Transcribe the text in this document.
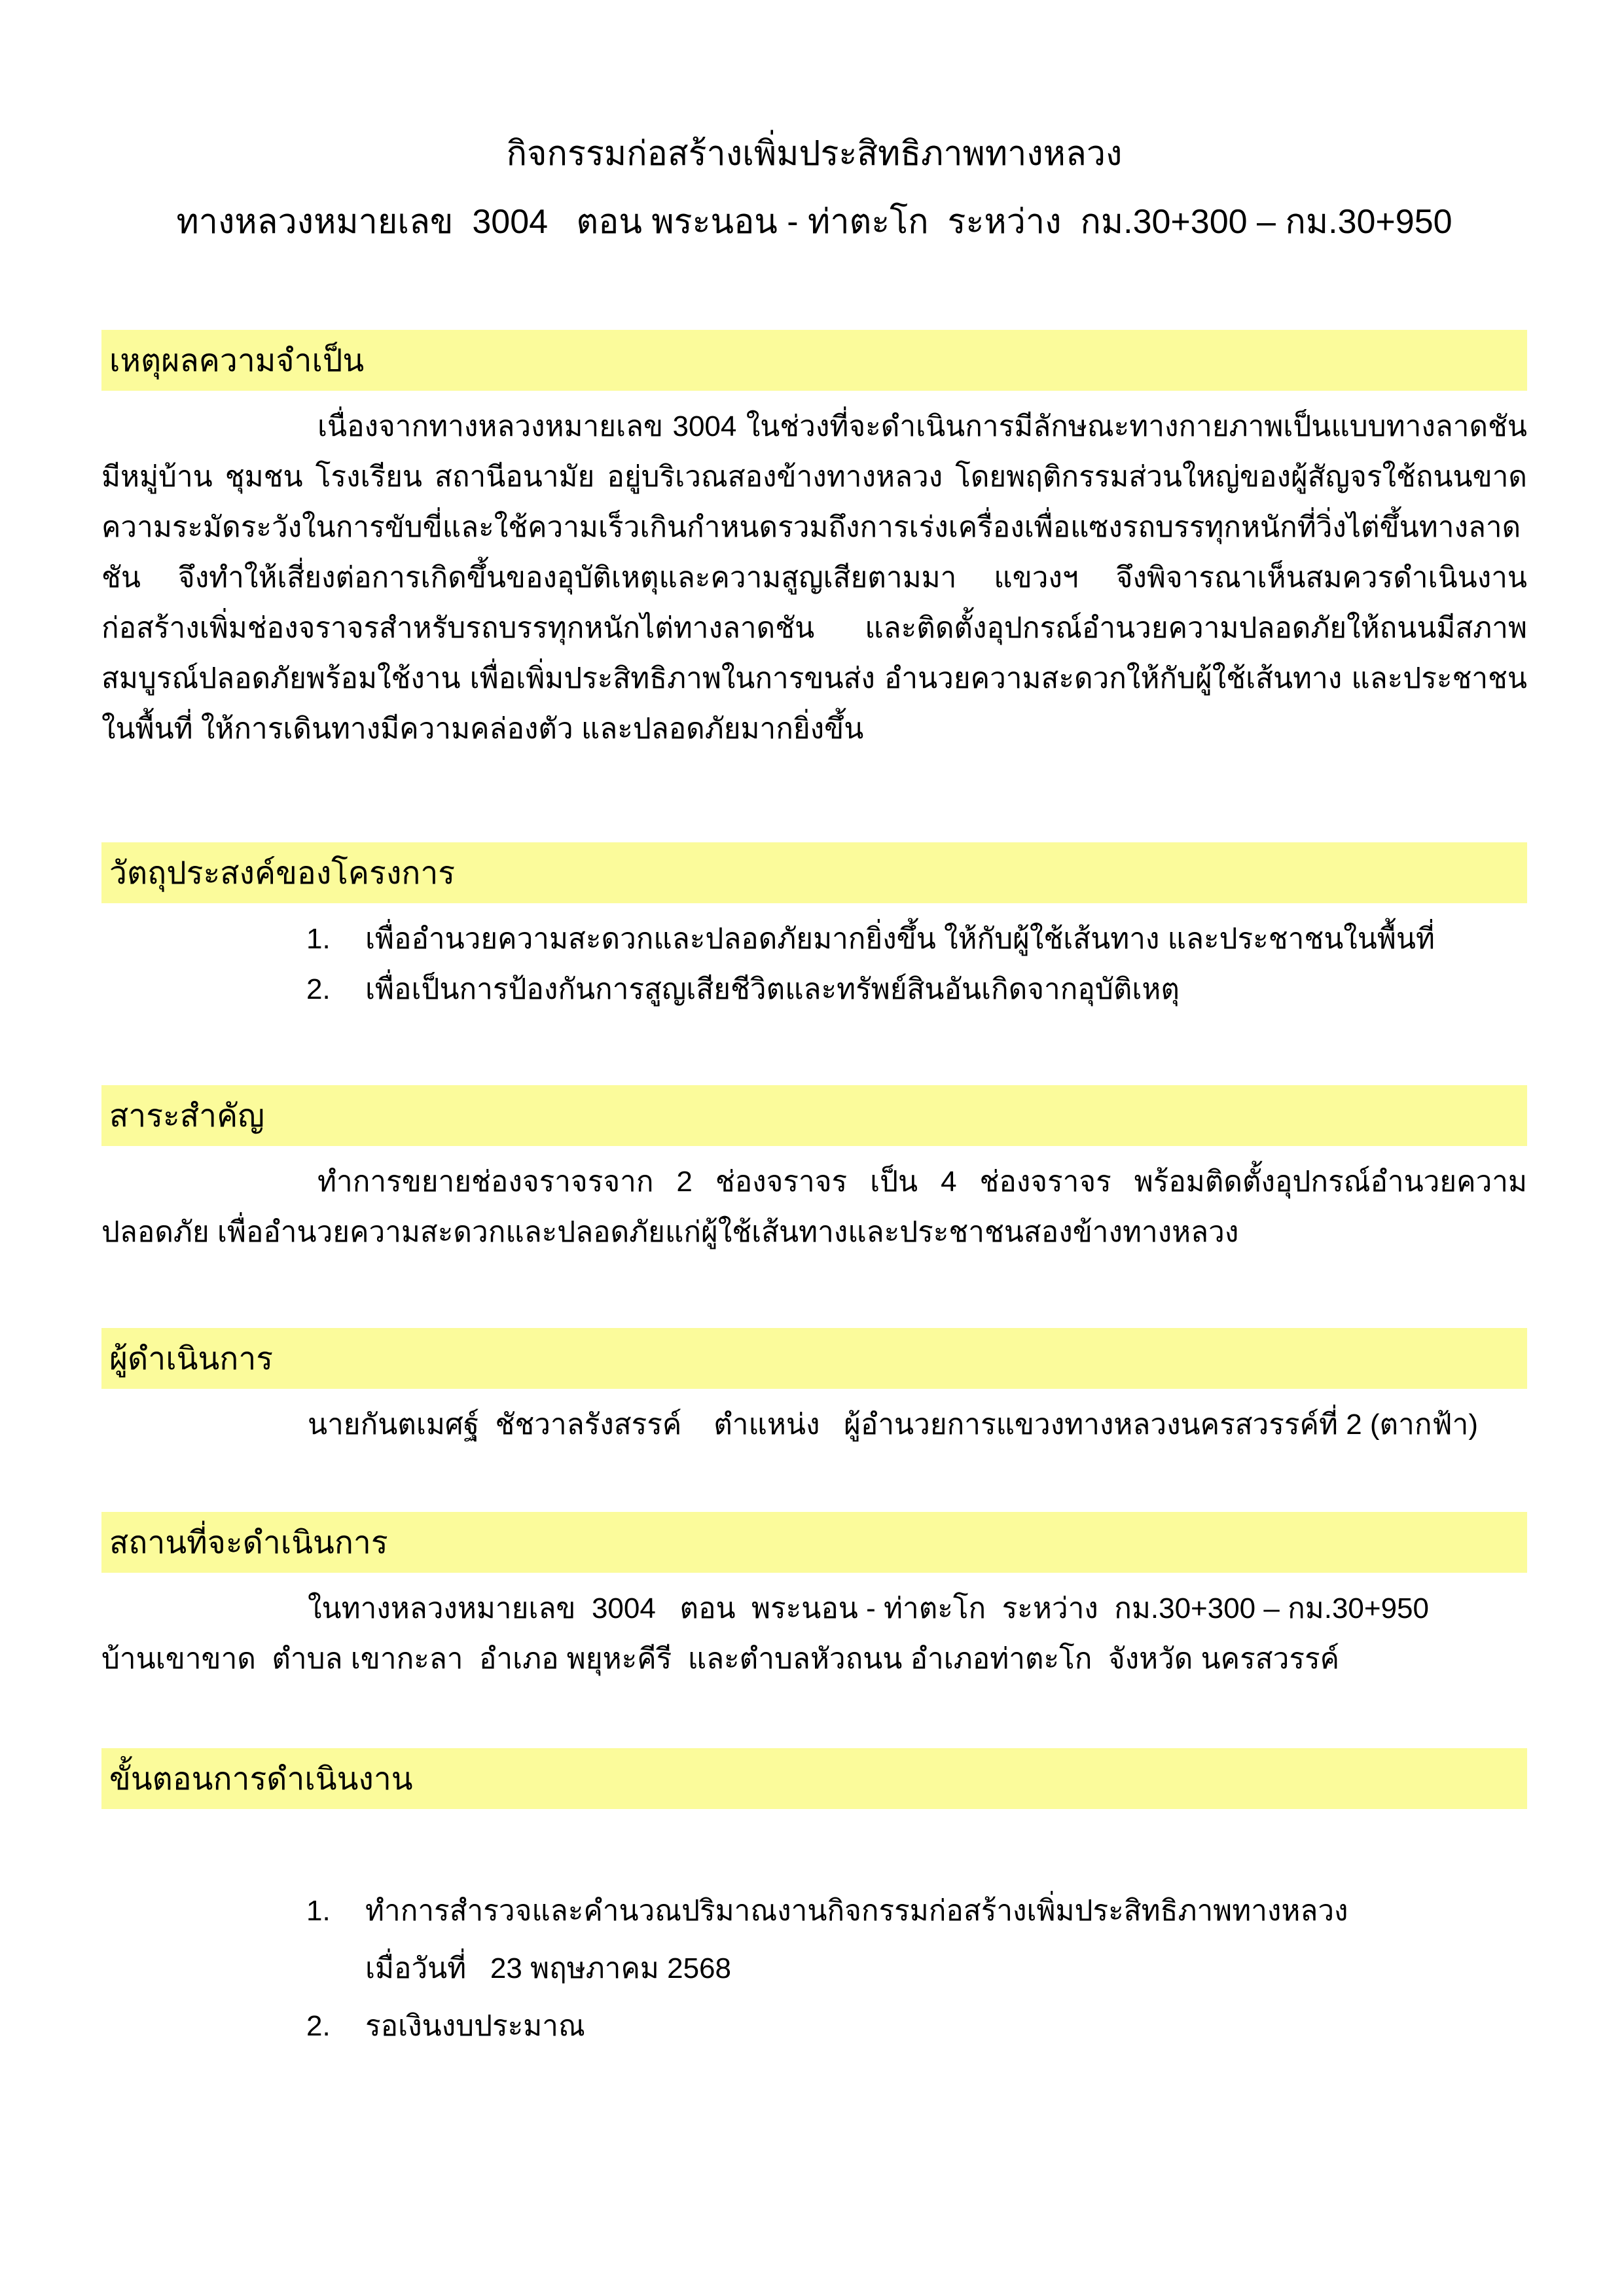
กิจกรรมก่อสร้างเพิ่มประสิทธิภาพทางหลวง
ทางหลวงหมายเลข  3004   ตอน พระนอน - ท่าตะโก  ระหว่าง  กม.30+300 – กม.30+950
เหตุผลความจำเป็น

เนื่องจากทางหลวงหมายเลข 3004 ในช่วงที่จะดำเนินการมีลักษณะทางกายภาพเป็นแบบทางลาดชัน มีหมู่บ้าน ชุมชน โรงเรียน สถานีอนามัย อยู่บริเวณสองข้างทางหลวง โดยพฤติกรรมส่วนใหญ่ของผู้สัญจรใช้ถนนขาดความระมัดระวังในการขับขี่และใช้ความเร็วเกินกำหนดรวมถึงการเร่งเครื่องเพื่อแซงรถบรรทุกหนักที่วิ่งไต่ขึ้นทางลาดชัน จึงทำให้เสี่ยงต่อการเกิดขึ้นของอุบัติเหตุและความสูญเสียตามมา แขวงฯ จึงพิจารณาเห็นสมควรดำเนินงานก่อสร้างเพิ่มช่องจราจรสำหรับรถบรรทุกหนักไต่ทางลาดชัน และติดตั้งอุปกรณ์อำนวยความปลอดภัยให้ถนนมีสภาพสมบูรณ์ปลอดภัยพร้อมใช้งาน เพื่อเพิ่มประสิทธิภาพในการขนส่ง อำนวยความสะดวกให้กับผู้ใช้เส้นทาง และประชาชนในพื้นที่ ให้การเดินทางมีความคล่องตัว และปลอดภัยมากยิ่งขึ้น

วัตถุประสงค์ของโครงการ
1.	เพื่ออำนวยความสะดวกและปลอดภัยมากยิ่งขึ้น ให้กับผู้ใช้เส้นทาง และประชาชนในพื้นที่
2.	เพื่อเป็นการป้องกันการสูญเสียชีวิตและทรัพย์สินอันเกิดจากอุบัติเหตุ
สาระสำคัญ

ทำการขยายช่องจราจรจาก 2 ช่องจราจร เป็น 4 ช่องจราจร พร้อมติดตั้งอุปกรณ์อำนวยความปลอดภัย เพื่ออำนวยความสะดวกและปลอดภัยแก่ผู้ใช้เส้นทางและประชาชนสองข้างทางหลวง

ผู้ดำเนินการ

นายกันตเมศฐ์  ชัชวาลรังสรรค์    ตำแหน่ง   ผู้อำนวยการแขวงทางหลวงนครสวรรค์ที่ 2 (ตากฟ้า)

สถานที่จะดำเนินการ

ในทางหลวงหมายเลข  3004   ตอน  พระนอน - ท่าตะโก  ระหว่าง  กม.30+300 – กม.30+950

บ้านเขาขาด  ตำบล เขากะลา  อำเภอ พยุหะคีรี  และตำบลหัวถนน อำเภอท่าตะโก  จังหวัด นครสวรรค์

ขั้นตอนการดำเนินงาน
1.	ทำการสำรวจและคำนวณปริมาณงานกิจกรรมก่อสร้างเพิ่มประสิทธิภาพทางหลวง
เมื่อวันที่   23 พฤษภาคม 2568
2.	รอเงินงบประมาณ
